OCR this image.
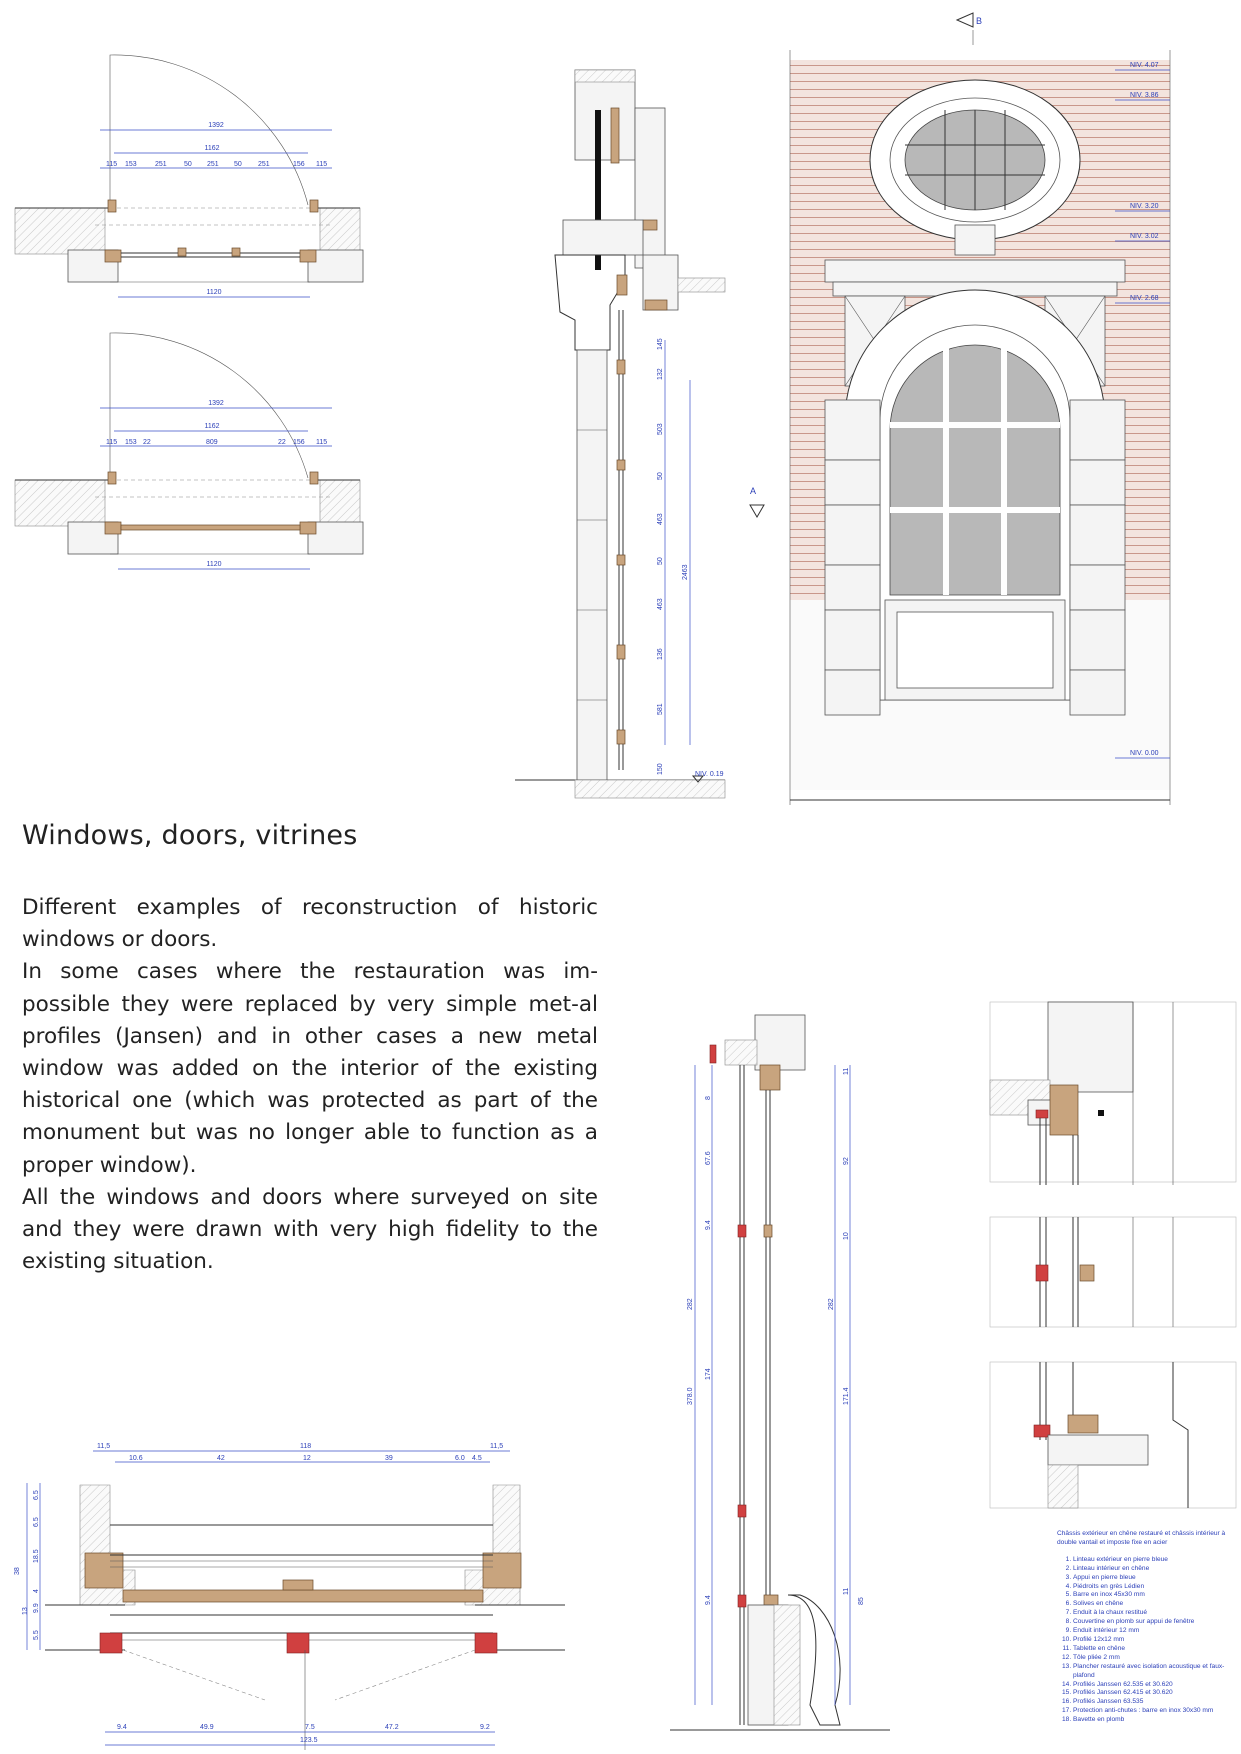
1392
1162
115 153	251 50 251 50 251	156 115
1120
1392
1162
115 153 22	809	22 156 115
1120
145
132
503
50
463
50
463
136
581
150
2463
NIV. 0.19
B
A
NIV. 4.07
NIV. 3.86
NIV. 3.20
NIV. 3.02
NIV. 2.68
NIV. 0.00
Windows, doors, vitrines

Different examples of reconstruction of historic windows or doors.

In some cases where the restauration was im-possible they were replaced by very simple met-al profiles (Jansen) and in other cases a new metal window was added on the interior of the existing historical one (which was protected as part of the monument but was no longer able to function as a proper window).

All the windows and doors where surveyed on site and they were drawn with very high fidelity to the existing situation.

8
67.6
9.4
282
174
9.4
378.0
11
92
10
282
171.4
11
85
Châssis extérieur en chêne restauré et châssis intérieur à double vantail et imposte fixe en acier
1. Linteau extérieur en pierre bleue
2. Linteau intérieur en chêne
3. Appui en pierre bleue
4. Piédroits en grès Lédien
5. Barre en inox 45x30 mm
6. Solives en chêne
7. Enduit à la chaux restitué
8. Couvertine en plomb sur appui de fenêtre
9. Enduit intérieur 12 mm
10. Profilé 12x12 mm
11. Tablette en chêne
12. Tôle pliée 2 mm
13. Plancher restauré avec isolation acoustique et faux-plafond
14. Profilés Janssen 62.535 et 30.620
15. Profilés Janssen 62.415 et 30.620
16. Profilés Janssen 63.535
17. Protection anti-chutes : barre en inox 30x30 mm
18. Bavette en plomb
11,5	118	11,5
10.6	42	12	39	6.0 4.5
6.5
6.5
18.5
4
9.9
5.5
38
13
9.4	49.9	7.5	47.2	9.2
123.5
